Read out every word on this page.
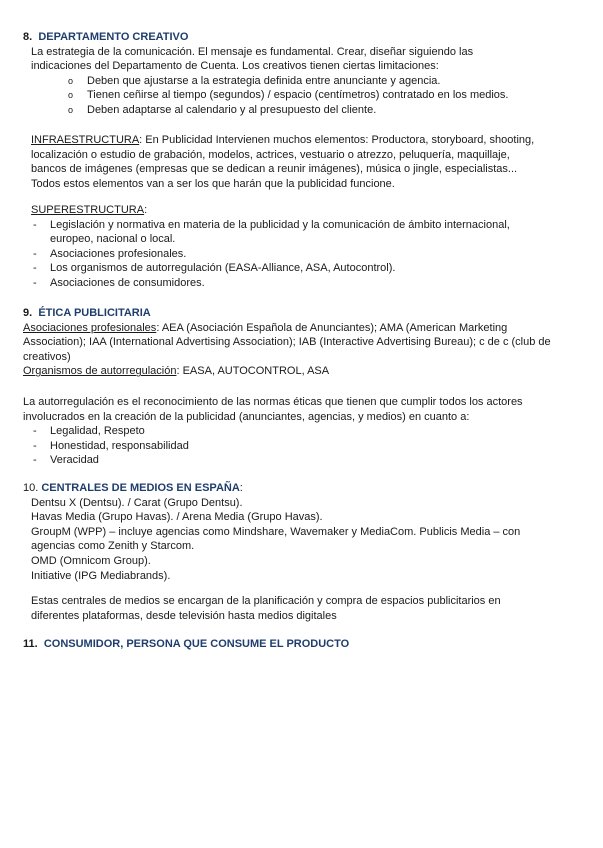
8. DEPARTAMENTO CREATIVO
La estrategia de la comunicación. El mensaje es fundamental. Crear, diseñar siguiendo las
indicaciones del Departamento de Cuenta. Los creativos tienen ciertas limitaciones:
o Deben que ajustarse a la estrategia definida entre anunciante y agencia.
o Tienen ceñirse al tiempo (segundos) / espacio (centímetros) contratado en los medios.
o Deben adaptarse al calendario y al presupuesto del cliente.
INFRAESTRUCTURA: En Publicidad Intervienen muchos elementos: Productora, storyboard, shooting,
localización o estudio de grabación, modelos, actrices, vestuario o atrezzo, peluquería, maquillaje,
bancos de imágenes (empresas que se dedican a reunir imágenes), música o jingle, especialistas...
Todos estos elementos van a ser los que harán que la publicidad funcione.
SUPERESTRUCTURA:
- Legislación y normativa en materia de la publicidad y la comunicación de ámbito internacional,
europeo, nacional o local.
- Asociaciones profesionales.
- Los organismos de autorregulación (EASA-Alliance, ASA, Autocontrol).
- Asociaciones de consumidores.
9. ÉTICA PUBLICITARIA
Asociaciones profesionales: AEA (Asociación Española de Anunciantes); AMA (American Marketing
Association); IAA (International Advertising Association); IAB (Interactive Advertising Bureau); c de c (club de
creativos)
Organismos de autorregulación: EASA, AUTOCONTROL, ASA
La autorregulación es el reconocimiento de las normas éticas que tienen que cumplir todos los actores
involucrados en la creación de la publicidad (anunciantes, agencias, y medios) en cuanto a:
- Legalidad, Respeto
- Honestidad, responsabilidad
- Veracidad
10. CENTRALES DE MEDIOS EN ESPAÑA:
Dentsu X (Dentsu). / Carat (Grupo Dentsu).
Havas Media (Grupo Havas). / Arena Media (Grupo Havas).
GroupM (WPP) – incluye agencias como Mindshare, Wavemaker y MediaCom. Publicis Media – con
agencias como Zenith y Starcom.
OMD (Omnicom Group).
Initiative (IPG Mediabrands).
Estas centrales de medios se encargan de la planificación y compra de espacios publicitarios en
diferentes plataformas, desde televisión hasta medios digitales
11. CONSUMIDOR, PERSONA QUE CONSUME EL PRODUCTO
